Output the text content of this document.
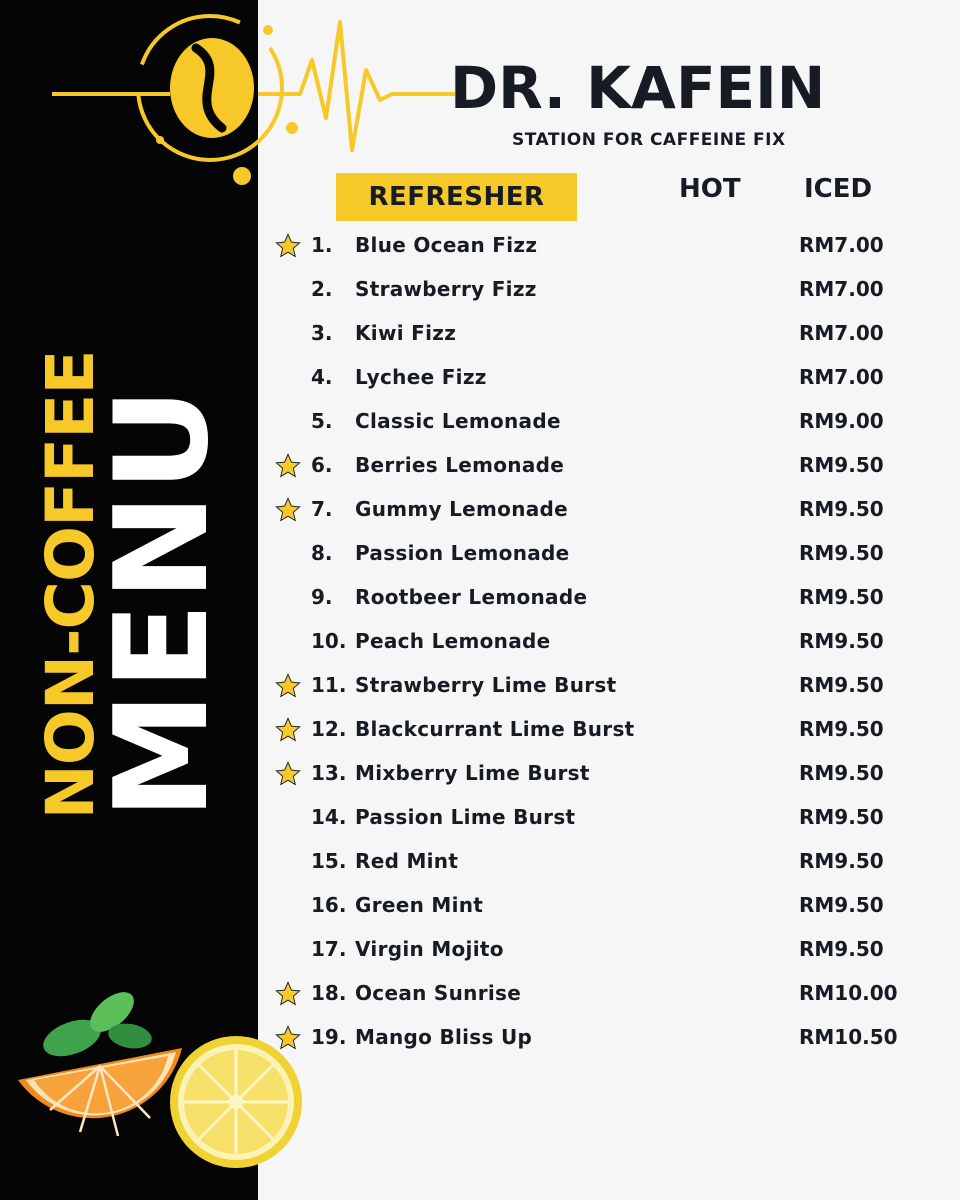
NON-COFFEE
MENU
DR. KAFEIN
STATION FOR CAFFEINE FIX
REFRESHER	HOT ICED
1. Blue Ocean Fizz	RM7.00
2. Strawberry Fizz	RM7.00
3. Kiwi Fizz	RM7.00
4. Lychee Fizz	RM7.00
5. Classic Lemonade	RM9.00
6. Berries Lemonade	RM9.50
7. Gummy Lemonade	RM9.50
8. Passion Lemonade	RM9.50
9. Rootbeer Lemonade	RM9.50
10. Peach Lemonade	RM9.50
11. Strawberry Lime Burst	RM9.50
12. Blackcurrant Lime Burst	RM9.50
13. Mixberry Lime Burst	RM9.50
14. Passion Lime Burst	RM9.50
15. Red Mint	RM9.50
16. Green Mint	RM9.50
17. Virgin Mojito	RM9.50
18. Ocean Sunrise	RM10.00
19. Mango Bliss Up	RM10.50
